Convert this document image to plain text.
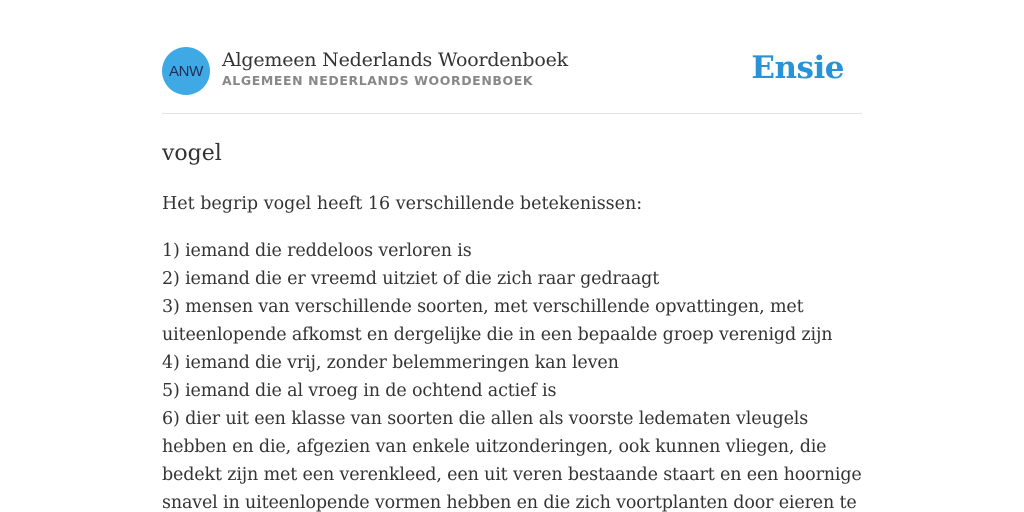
ANW Algemeen Nederlands Woordenboek
ALGEMEEN NEDERLANDS WOORDENBOEK	Ensie
vogel
Het begrip vogel heeft 16 verschillende betekenissen:
1) iemand die reddeloos verloren is
2) iemand die er vreemd uitziet of die zich raar gedraagt
3) mensen van verschillende soorten, met verschillende opvattingen, met uiteenlopende afkomst en dergelijke die in een bepaalde groep verenigd zijn
4) iemand die vrij, zonder belemmeringen kan leven
5) iemand die al vroeg in de ochtend actief is
6) dier uit een klasse van soorten die allen als voorste ledematen vleugels hebben en die, afgezien van enkele uitzonderingen, ook kunnen vliegen, die bedekt zijn met een verenkleed, een uit veren bestaande staart en een hoornige snavel in uiteenlopende vormen hebben en die zich voortplanten door eieren te
